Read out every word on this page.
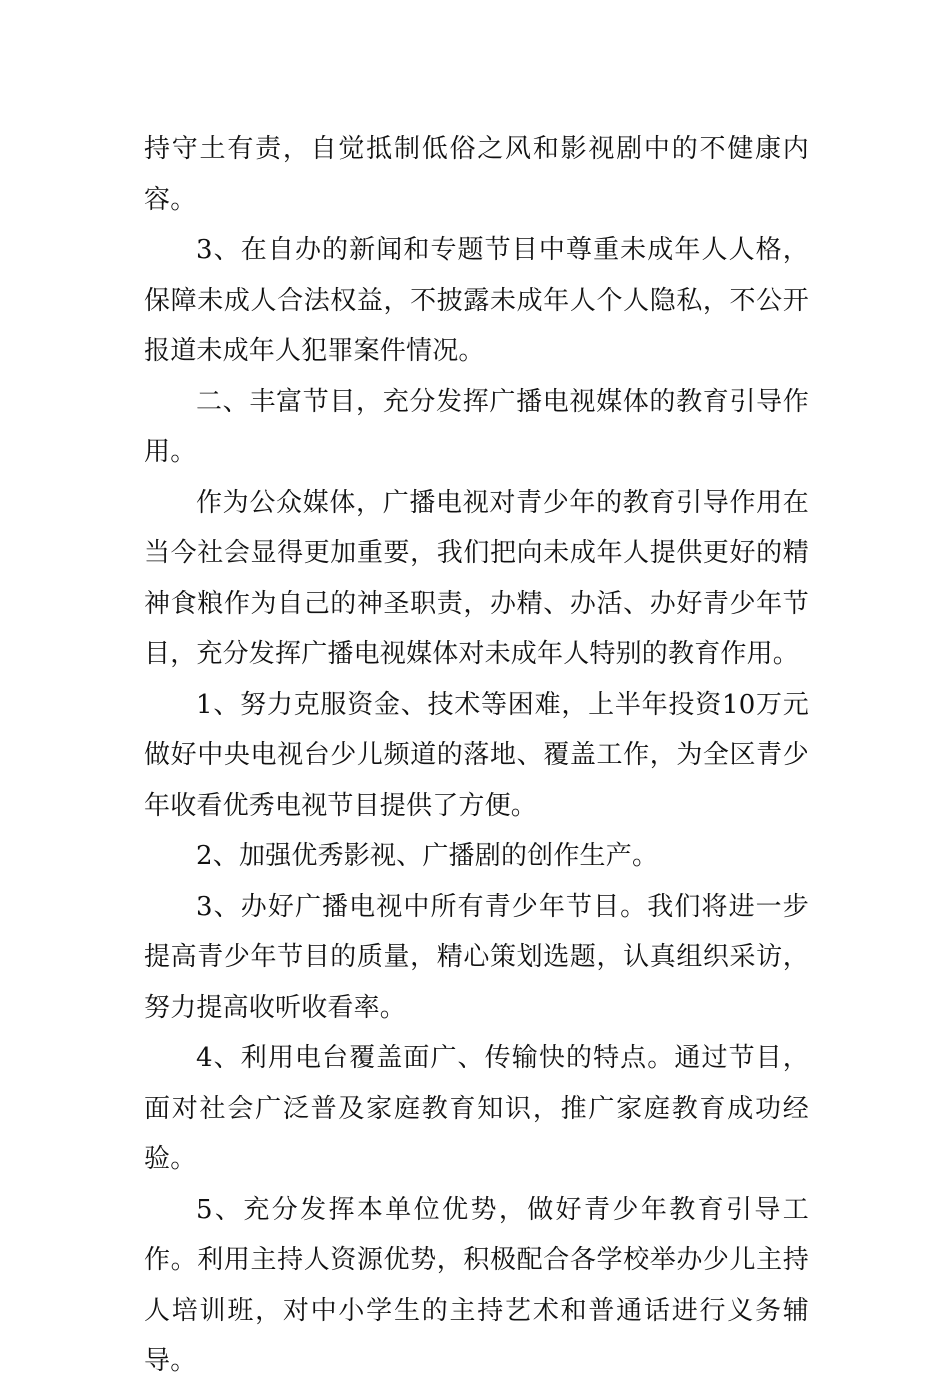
持守土有责，自觉抵制低俗之风和影视剧中的不健康内容。

3、在自办的新闻和专题节目中尊重未成年人人格，保障未成人合法权益，不披露未成年人个人隐私，不公开报道未成年人犯罪案件情况。

二、丰富节目，充分发挥广播电视媒体的教育引导作用。

作为公众媒体，广播电视对青少年的教育引导作用在当今社会显得更加重要，我们把向未成年人提供更好的精神食粮作为自己的神圣职责，办精、办活、办好青少年节目，充分发挥广播电视媒体对未成年人特别的教育作用。

1、努力克服资金、技术等困难，上半年投资10万元做好中央电视台少儿频道的落地、覆盖工作，为全区青少年收看优秀电视节目提供了方便。

2、加强优秀影视、广播剧的创作生产。

3、办好广播电视中所有青少年节目。我们将进一步提高青少年节目的质量，精心策划选题，认真组织采访，努力提高收听收看率。

4、利用电台覆盖面广、传输快的特点。通过节目，面对社会广泛普及家庭教育知识，推广家庭教育成功经验。

5、充分发挥本单位优势，做好青少年教育引导工作。利用主持人资源优势，积极配合各学校举办少儿主持人培训班，对中小学生的主持艺术和普通话进行义务辅导。
